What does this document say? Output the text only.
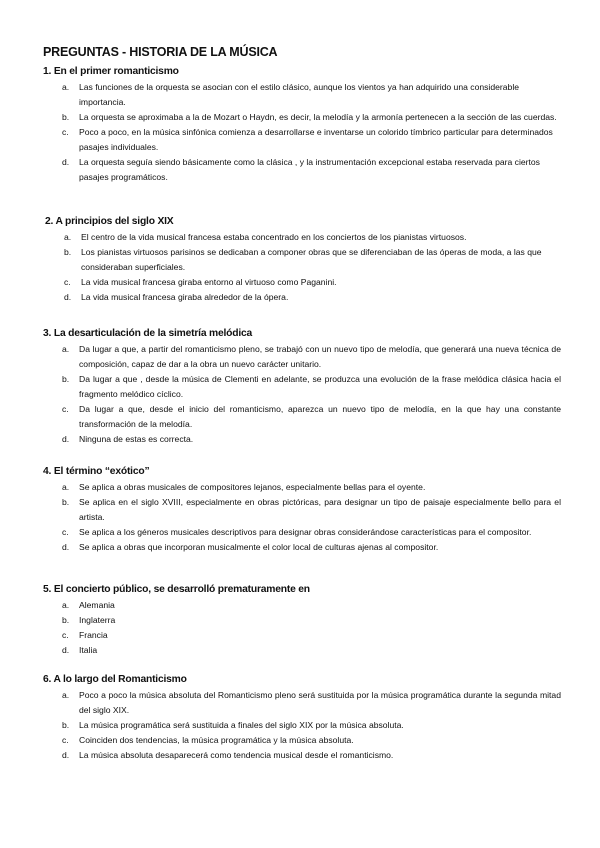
PREGUNTAS - HISTORIA DE LA MÚSICA
1. En el primer romanticismo
a. Las funciones de la orquesta se asocian con el estilo clásico, aunque los vientos ya han adquirido una considerable importancia.
b. La orquesta se aproximaba a la de Mozart o Haydn, es decir, la melodía y la armonía pertenecen a la sección de las cuerdas.
c. Poco a poco, en la música sinfónica comienza a desarrollarse e inventarse un colorido tímbrico particular para determinados pasajes individuales.
d. La orquesta seguía siendo básicamente como la clásica , y la instrumentación excepcional estaba reservada para ciertos pasajes programáticos.
2. A principios del siglo XIX
a. El centro de la vida musical francesa estaba concentrado en los conciertos de los pianistas virtuosos.
b. Los pianistas virtuosos parisinos se dedicaban a componer obras que se diferenciaban de las óperas de moda, a las que consideraban superficiales.
c. La vida musical francesa giraba entorno al virtuoso como Paganini.
d. La vida musical francesa giraba alrededor de la ópera.
3. La desarticulación de la simetría melódica
a. Da lugar a que, a partir del romanticismo pleno, se trabajó con un nuevo tipo de melodía, que generará una nueva técnica de composición, capaz de dar a la obra un nuevo carácter unitario.
b. Da lugar a que , desde la música de Clementi en adelante, se produzca una evolución de la frase melódica clásica hacia el fragmento melódico cíclico.
c. Da lugar a que, desde el inicio del romanticismo, aparezca un nuevo tipo de melodía, en la que hay una constante transformación de la melodía.
d. Ninguna de estas es correcta.
4. El término “exótico”
a. Se aplica a obras musicales de compositores lejanos, especialmente bellas para el oyente.
b. Se aplica en el siglo XVIII, especialmente en obras pictóricas, para designar un tipo de paisaje especialmente bello para el artista.
c. Se aplica a los géneros musicales descriptivos para designar obras considerándose características para el compositor.
d. Se aplica a obras que incorporan musicalmente el color local de culturas ajenas al compositor.
5. El concierto público, se desarrolló prematuramente en
a. Alemania
b. Inglaterra
c. Francia
d. Italia
6. A lo largo del Romanticismo
a. Poco a poco la música absoluta del Romanticismo pleno será sustituida por la música programática durante la segunda mitad del siglo XIX.
b. La música programática será sustituida a finales del siglo XIX por la música absoluta.
c. Coinciden dos tendencias, la música programática y la música absoluta.
d. La música absoluta desaparecerá como tendencia musical desde el romanticismo.
